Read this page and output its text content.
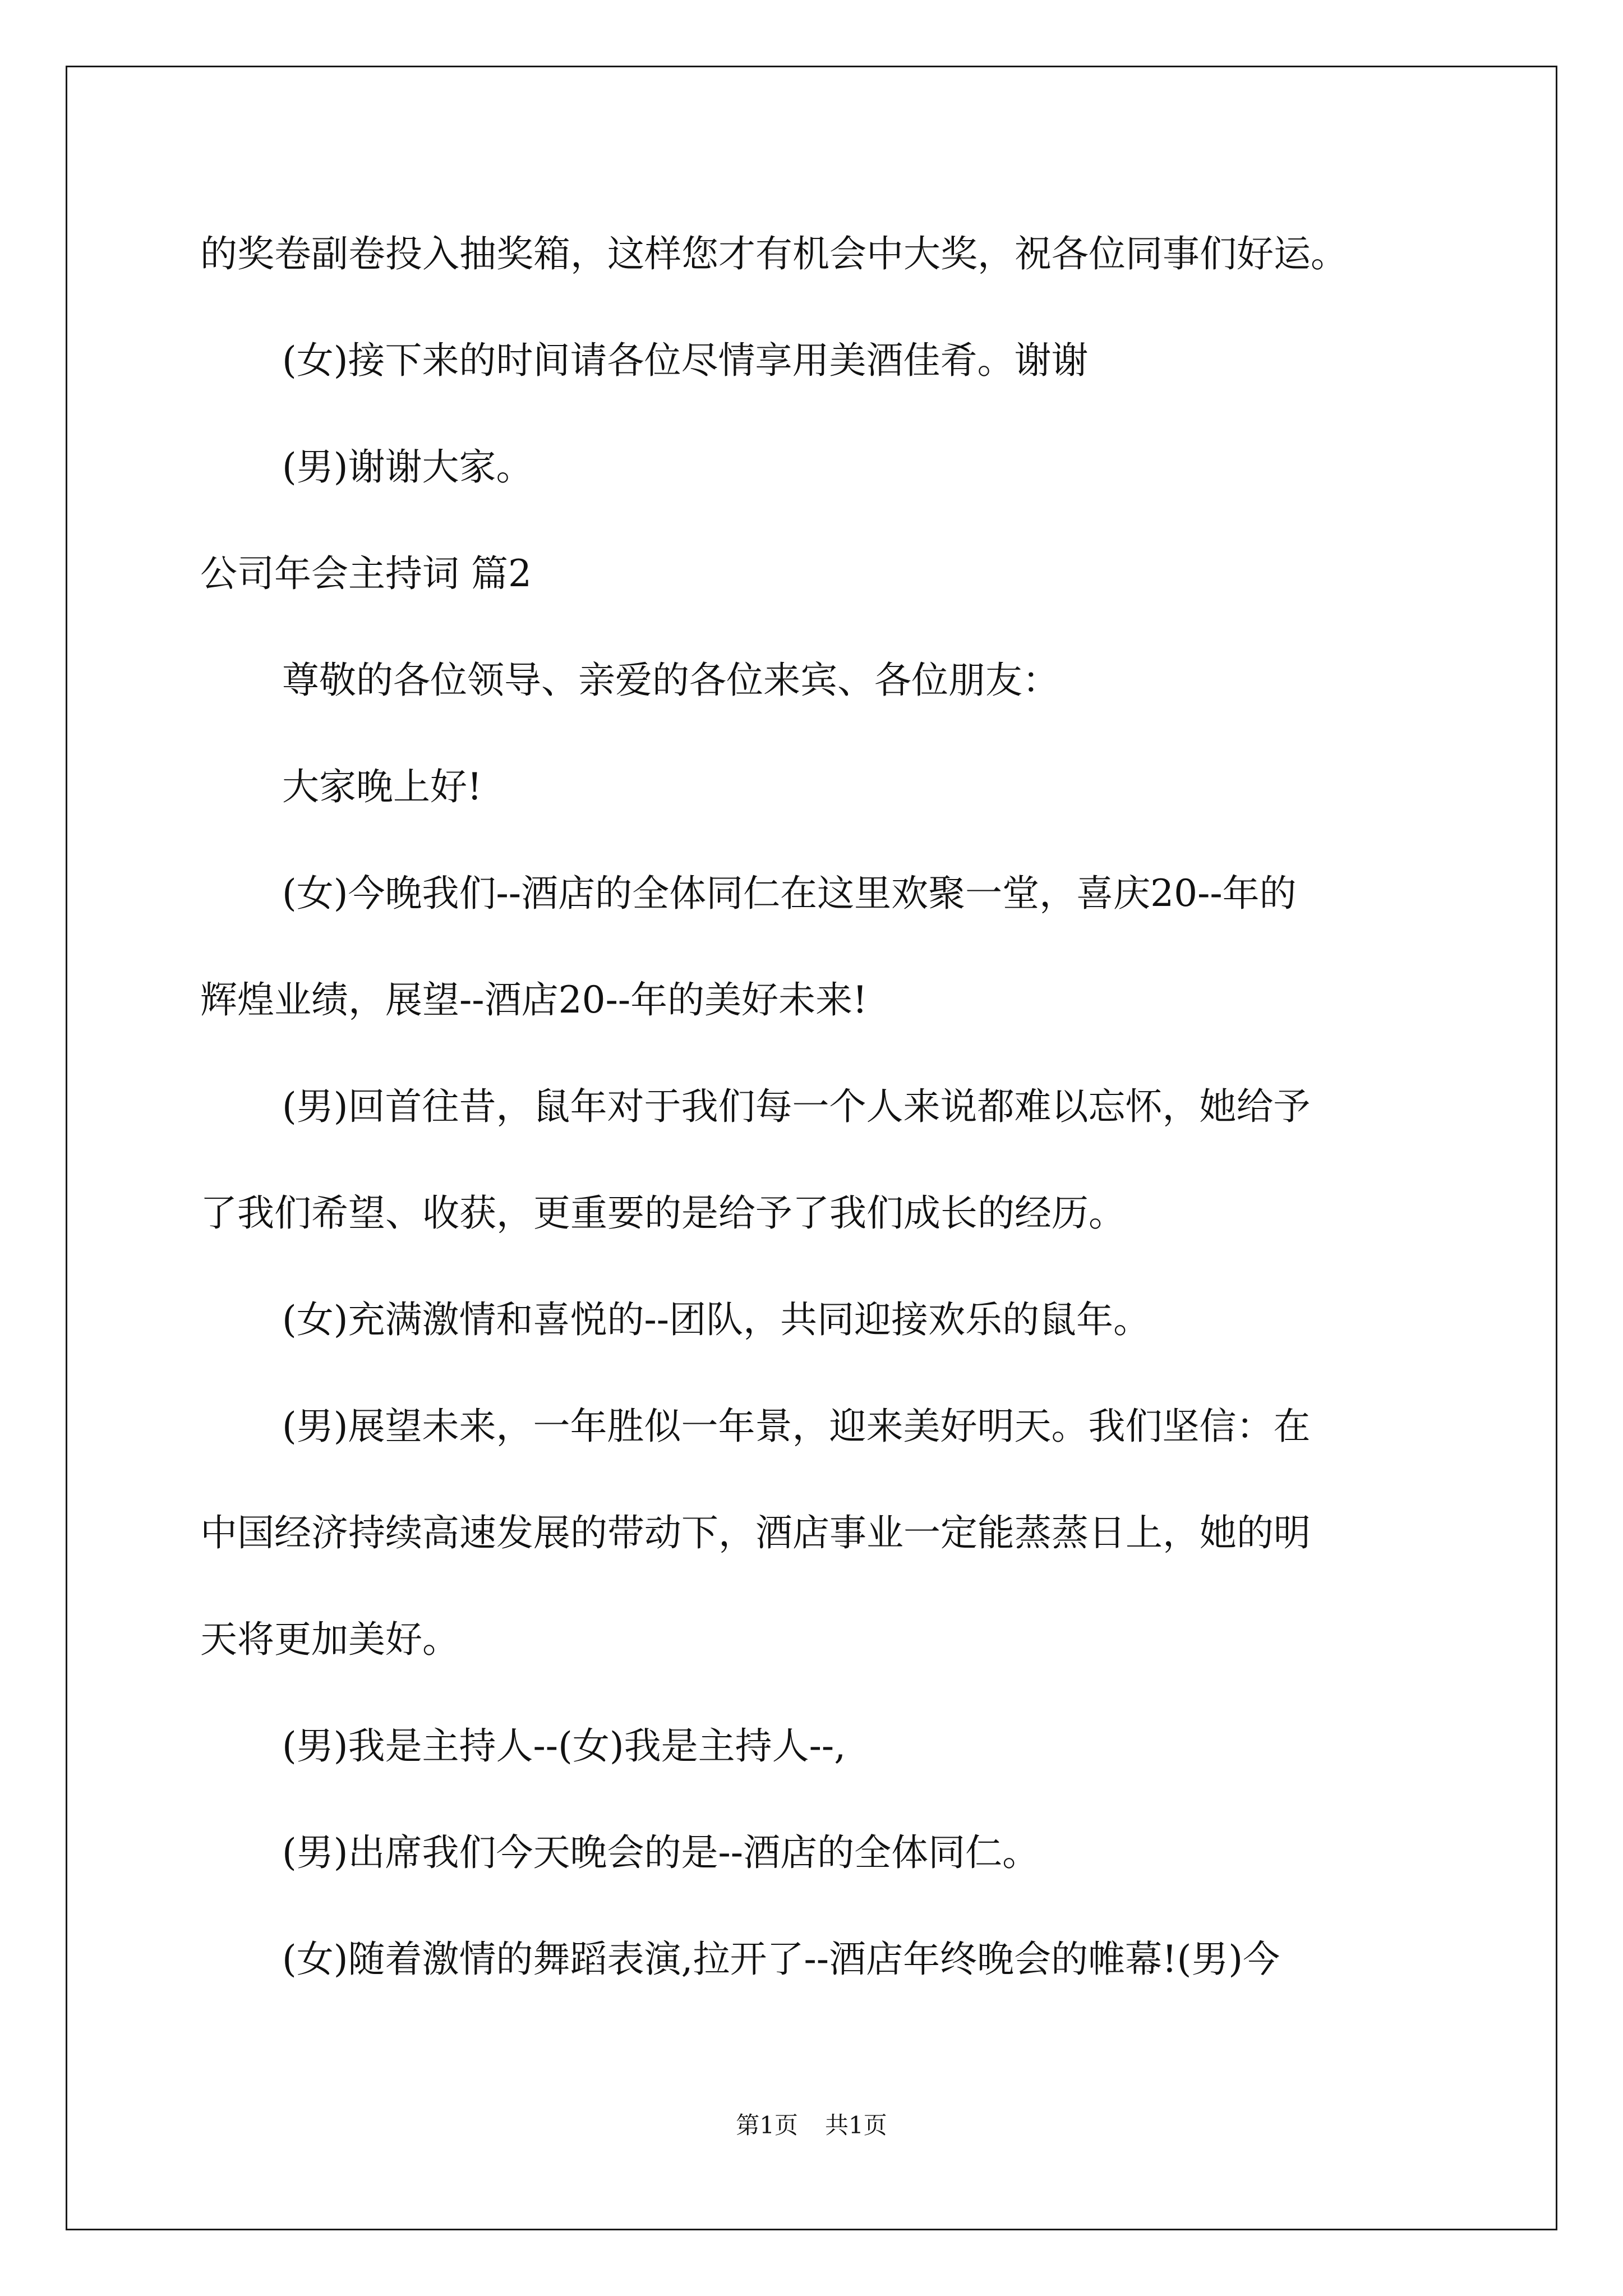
的奖卷副卷投入抽奖箱，这样您才有机会中大奖，祝各位同事们好运。

(女)接下来的时间请各位尽情享用美酒佳肴。谢谢

(男)谢谢大家。

公司年会主持词 篇2

尊敬的各位领导、亲爱的各位来宾、各位朋友：

大家晚上好!

(女)今晚我们--酒店的全体同仁在这里欢聚一堂，喜庆20--年的

辉煌业绩，展望--酒店20--年的美好未来!

(男)回首往昔，鼠年对于我们每一个人来说都难以忘怀，她给予

了我们希望、收获，更重要的是给予了我们成长的经历。

(女)充满激情和喜悦的--团队，共同迎接欢乐的鼠年。

(男)展望未来，一年胜似一年景，迎来美好明天。我们坚信：在

中国经济持续高速发展的带动下，酒店事业一定能蒸蒸日上，她的明

天将更加美好。

(男)我是主持人--(女)我是主持人--,

(男)出席我们今天晚会的是--酒店的全体同仁。

(女)随着激情的舞蹈表演,拉开了--酒店年终晚会的帷幕!(男)今

第1页 共1页
